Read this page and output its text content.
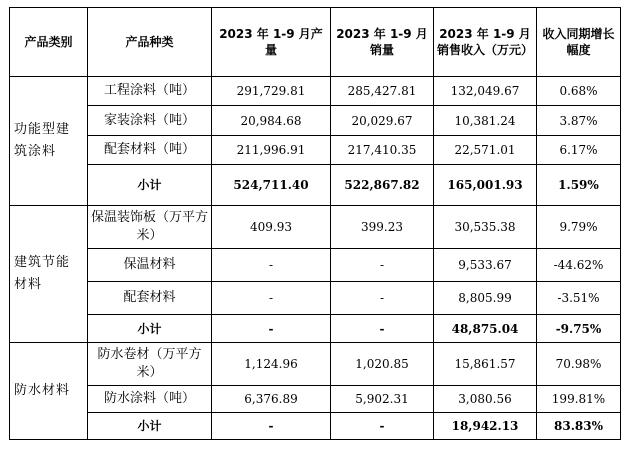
产品类别	产品种类	2023 年 1-9 月产量	2023 年 1-9 月销量	2023 年 1-9 月销售收入（万元）	收入同期增长幅度
功能型建筑涂料	工程涂料（吨）	291,729.81	285,427.81	132,049.67	0.68%
	家装涂料（吨）	20,984.68	20,029.67	10,381.24	3.87%
	配套材料（吨）	211,996.91	217,410.35	22,571.01	6.17%
	小计	524,711.40	522,867.82	165,001.93	1.59%
建筑节能材料	保温装饰板（万平方米）	409.93	399.23	30,535.38	9.79%
	保温材料	-	-	9,533.67	-44.62%
	配套材料	-	-	8,805.99	-3.51%
	小计	-	-	48,875.04	-9.75%
防水材料	防水卷材（万平方米）	1,124.96	1,020.85	15,861.57	70.98%
	防水涂料（吨）	6,376.89	5,902.31	3,080.56	199.81%
	小计	-	-	18,942.13	83.83%
